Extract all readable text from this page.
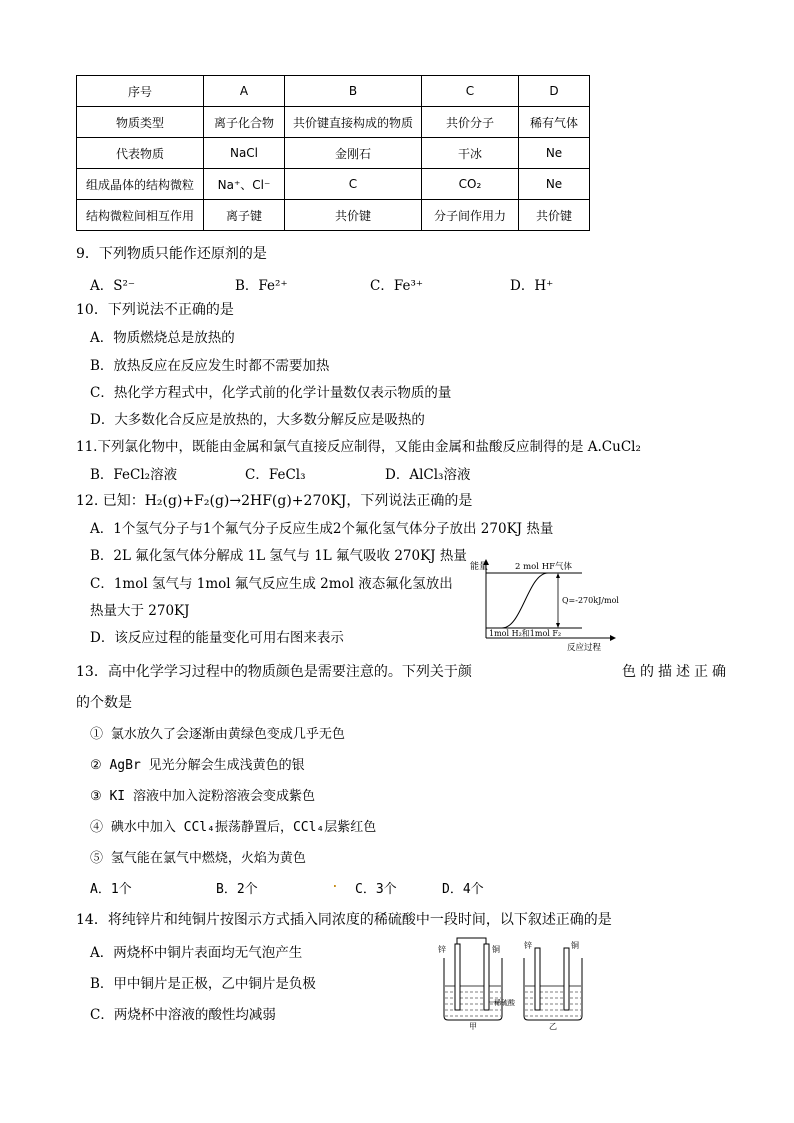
序号	A	B	C	D
物质类型	离子化合物	共价键直接构成的物质	共价分子	稀有气体
代表物质	NaCl	金刚石	干冰	Ne
组成晶体的结构微粒	Na⁺、Cl⁻	C	CO₂	Ne
结构微粒间相互作用	离子键	共价键	分子间作用力	共价键
9．下列物质只能作还原剂的是
A．S²⁻	B．Fe²⁺	C．Fe³⁺	D．H⁺
10．下列说法不正确的是
A．物质燃烧总是放热的
B．放热反应在反应发生时都不需要加热
C．热化学方程式中，化学式前的化学计量数仅表示物质的量
D．大多数化合反应是放热的，大多数分解反应是吸热的
11.下列氯化物中，既能由金属和氯气直接反应制得，又能由金属和盐酸反应制得的是 A.CuCl₂
B．FeCl₂溶液	C．FeCl₃	D．AlCl₃溶液
12. 已知：H₂(g)+F₂(g)→2HF(g)+270KJ，下列说法正确的是
A．1个氢气分子与1个氟气分子反应生成2个氟化氢气体分子放出 270KJ 热量
B．2L 氟化氢气体分解成 1L 氢气与 1L 氟气吸收 270KJ 热量
C．1mol 氢气与 1mol 氟气反应生成 2mol 液态氟化氢放出
热量大于 270KJ
D．该反应过程的能量变化可用右图来表示
能量	2 mol HF气体
Q=-270kJ/mol
1mol H₂和1mol F₂
反应过程
13．高中化学学习过程中的物质颜色是需要注意的。下列关于颜	色的描述正确
的个数是
① 氯水放久了会逐渐由黄绿色变成几乎无色
② AgBr 见光分解会生成浅黄色的银
③ KI 溶液中加入淀粉溶液会变成紫色
④ 碘水中加入 CCl₄振荡静置后，CCl₄层紫红色
⑤ 氢气能在氯气中燃烧，火焰为黄色
A．1个	B．2个	. C．3个	D．4个
14．将纯锌片和纯铜片按图示方式插入同浓度的稀硫酸中一段时间，以下叙述正确的是
A．两烧杯中铜片表面均无气泡产生
B．甲中铜片是正极，乙中铜片是负极
C．两烧杯中溶液的酸性均减弱
锌	铜	锌	铜
稀硫酸
甲	乙
